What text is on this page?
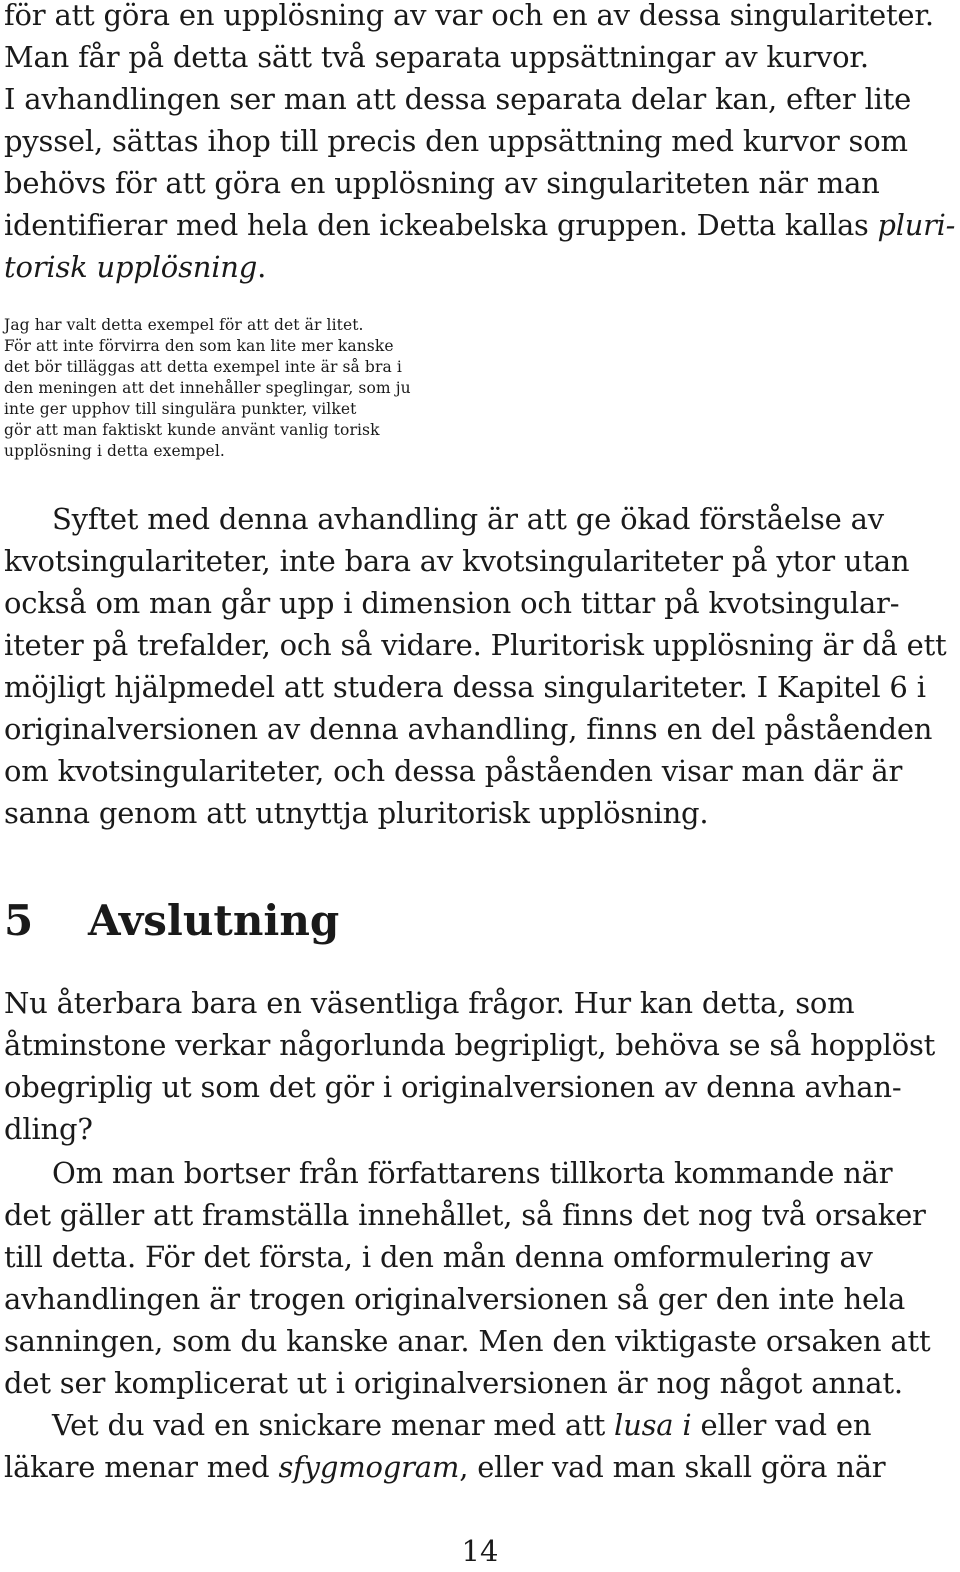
för att göra en upplösning av var och en av dessa singulariteter.
Man får på detta sätt två separata uppsättningar av kurvor.
I avhandlingen ser man att dessa separata delar kan, efter lite
pyssel, sättas ihop till precis den uppsättning med kurvor som
behövs för att göra en upplösning av singulariteten när man
identifierar med hela den ickeabelska gruppen. Detta kallas pluri-
torisk upplösning.
Jag har valt detta exempel för att det är litet.
För att inte förvirra den som kan lite mer kanske
det bör tilläggas att detta exempel inte är så bra i
den meningen att det innehåller speglingar, som ju
inte ger upphov till singulära punkter, vilket
gör att man faktiskt kunde använt vanlig torisk
upplösning i detta exempel.
Syftet med denna avhandling är att ge ökad förståelse av
kvotsingulariteter, inte bara av kvotsingulariteter på ytor utan
också om man går upp i dimension och tittar på kvotsingular-
iteter på trefalder, och så vidare. Pluritorisk upplösning är då ett
möjligt hjälpmedel att studera dessa singulariteter. I Kapitel 6 i
originalversionen av denna avhandling, finns en del påståenden
om kvotsingulariteter, och dessa påståenden visar man där är
sanna genom att utnyttja pluritorisk upplösning.
5 Avslutning
Nu återbara bara en väsentliga frågor. Hur kan detta, som
åtminstone verkar någorlunda begripligt, behöva se så hopplöst
obegriplig ut som det gör i originalversionen av denna avhan-
dling?
Om man bortser från författarens tillkorta kommande när
det gäller att framställa innehållet, så finns det nog två orsaker
till detta. För det första, i den mån denna omformulering av
avhandlingen är trogen originalversionen så ger den inte hela
sanningen, som du kanske anar. Men den viktigaste orsaken att
det ser komplicerat ut i originalversionen är nog något annat.
Vet du vad en snickare menar med att lusa i eller vad en
läkare menar med sfygmogram, eller vad man skall göra när
14
